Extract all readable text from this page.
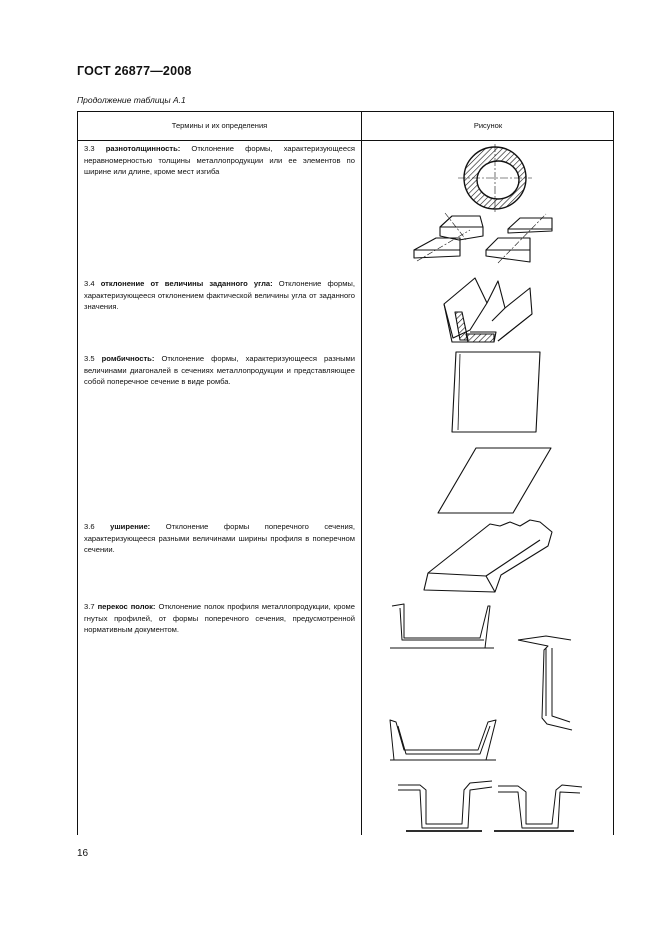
ГОСТ 26877—2008
Продолжение таблицы А.1
Термины и их определения	Рисунок
3.3 разнотолщинность: Отклонение формы, характеризующееся неравномерностью толщины металлопродукции или ее элементов по ширине или длине, кроме мест изгиба
3.4 отклонение от величины заданного угла: Отклонение формы, характеризующееся отклонением фактической величины угла от заданного значения.
3.5 ромбичность: Отклонение формы, характеризующееся разными величинами диагоналей в сечениях металлопродукции и представляющее собой поперечное сечение в виде ромба.
3.6 уширение: Отклонение формы поперечного сечения, характеризующееся разными величинами ширины профиля в поперечном сечении.
3.7 перекос полок: Отклонение полок профиля металлопродукции, кроме гнутых профилей, от формы поперечного сечения, предусмотренной нормативным документом.
16
